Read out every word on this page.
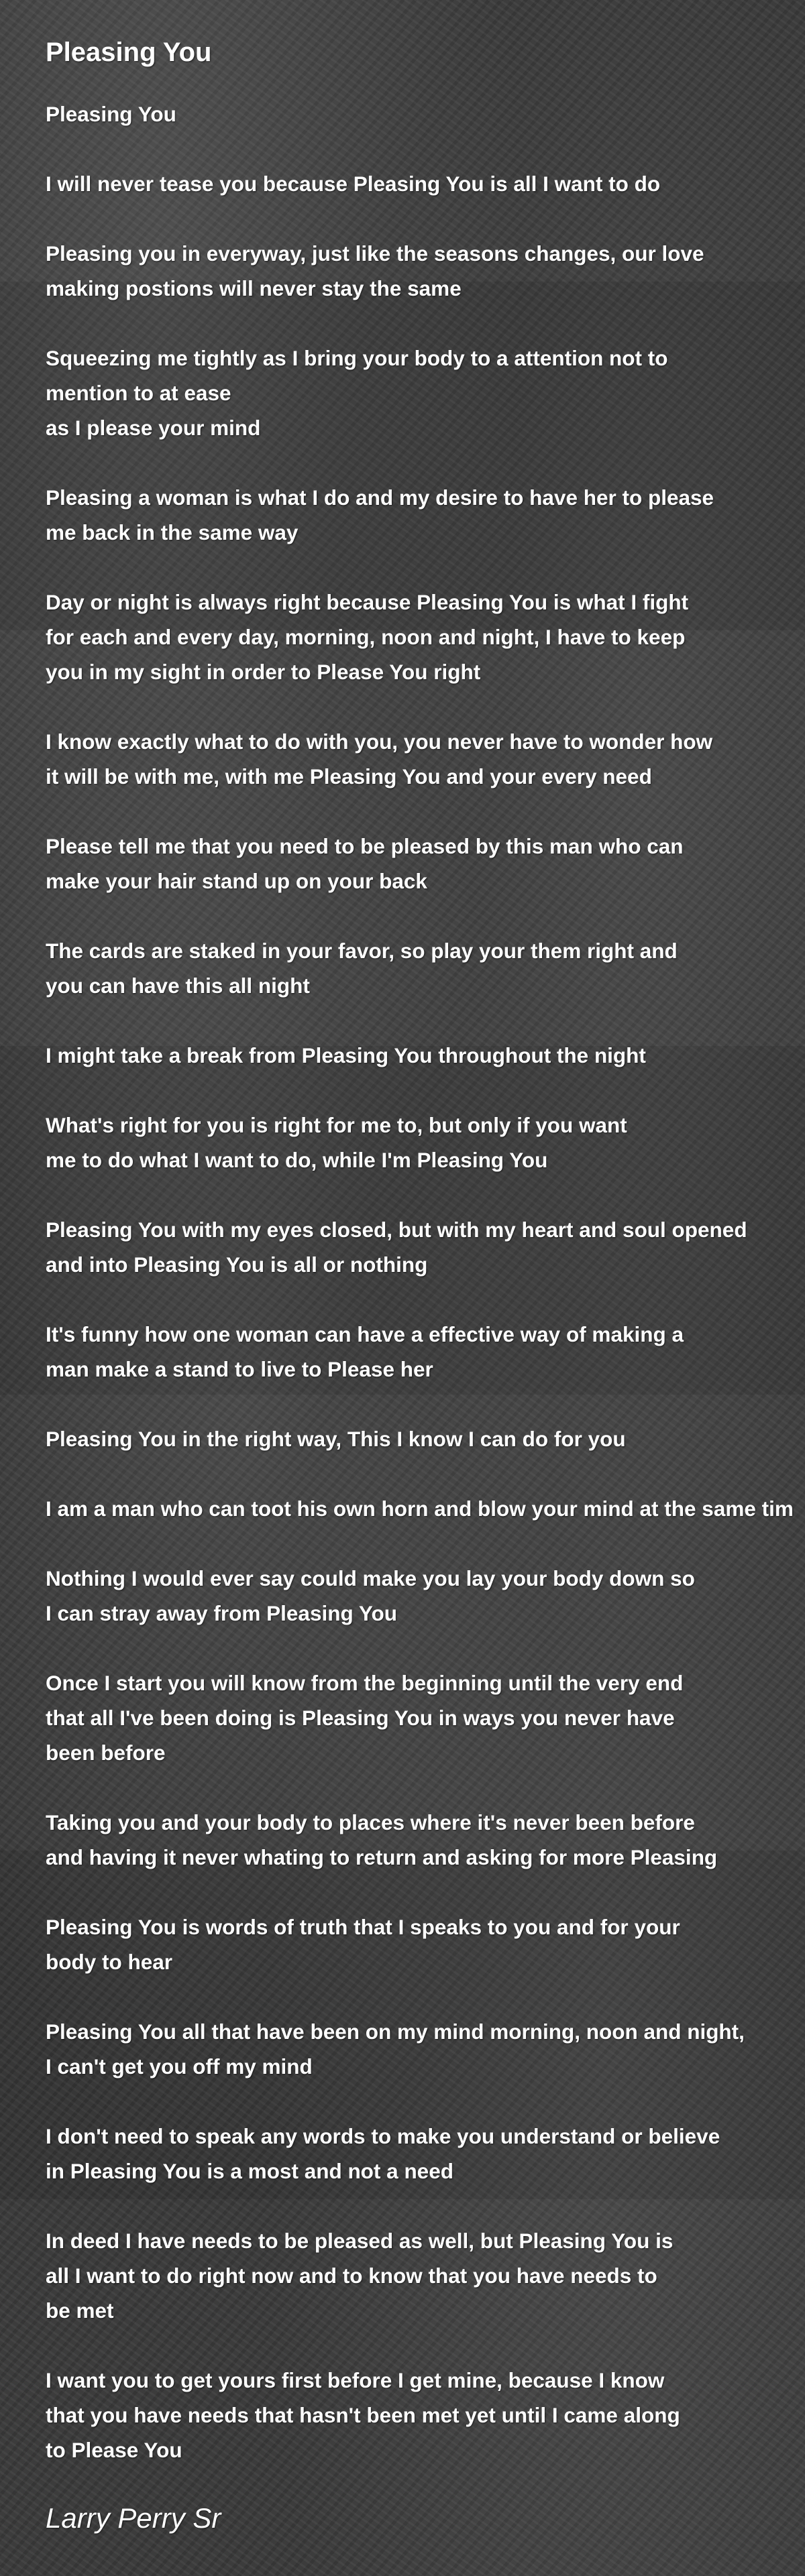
Pleasing You
Pleasing You
I will never tease you because Pleasing You is all I want to do
Pleasing you in everyway, just like the seasons changes, our love
making postions will never stay the same
Squeezing me tightly as I bring your body to a attention not to
mention to at ease
as I please your mind
Pleasing a woman is what I do and my desire to have her to please
me back in the same way
Day or night is always right because Pleasing You is what I fight
for each and every day, morning, noon and night, I have to keep
you in my sight in order to Please You right
I know exactly what to do with you, you never have to wonder how
it will be with me, with me Pleasing You and your every need
Please tell me that you need to be pleased by this man who can
make your hair stand up on your back
The cards are staked in your favor, so play your them right and
you can have this all night
I might take a break from Pleasing You throughout the night
What's right for you is right for me to, but only if you want
me to do what I want to do, while I'm Pleasing You
Pleasing You with my eyes closed, but with my heart and soul opened
and into Pleasing You is all or nothing
It's funny how one woman can have a effective way of making a
man make a stand to live to Please her
Pleasing You in the right way, This I know I can do for you
I am a man who can toot his own horn and blow your mind at the same tim
Nothing I would ever say could make you lay your body down so
I can stray away from Pleasing You
Once I start you will know from the beginning until the very end
that all I've been doing is Pleasing You in ways you never have
been before
Taking you and your body to places where it's never been before
and having it never whating to return and asking for more Pleasing
Pleasing You is words of truth that I speaks to you and for your
body to hear
Pleasing You all that have been on my mind morning, noon and night,
I can't get you off my mind
I don't need to speak any words to make you understand or believe
in Pleasing You is a most and not a need
In deed I have needs to be pleased as well, but Pleasing You is
all I want to do right now and to know that you have needs to
be met
I want you to get yours first before I get mine, because I know
that you have needs that hasn't been met yet until I came along
to Please You
Larry Perry Sr
